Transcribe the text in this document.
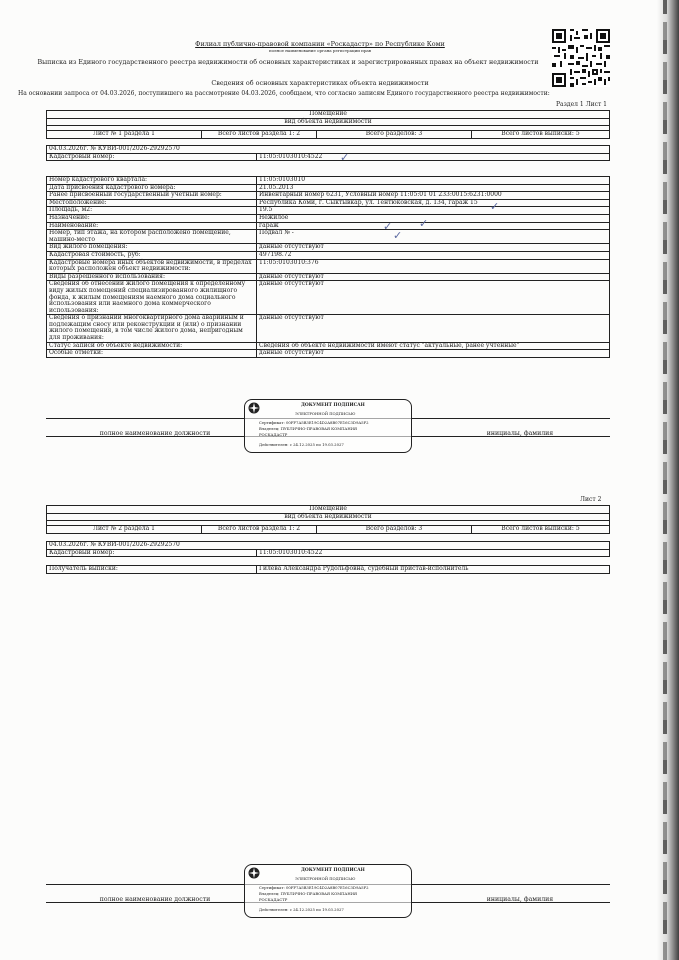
Филиал публично-правовой компании «Роскадастр» по Республике Коми
полное наименование органа регистрации прав
Выписка из Единого государственного реестра недвижимости об основных характеристиках и зарегистрированных правах на объект недвижимости
Сведения об основных характеристиках объекта недвижимости
На основании запроса от 04.03.2026, поступившего на рассмотрение 04.03.2026, сообщаем, что согласно записям Единого государственного реестра недвижимости:
Раздел 1 Лист 1
Помещение
вид объекта недвижимости

Лист № 1 раздела 1	Всего листов раздела 1: 2	Всего разделов: 3	Всего листов выписки: 5
04.03.2026г. № КУВИ-001/2026-29292570
Кадастровый номер:	11:05:0103010:4522 ✓
Номер кадастрового квартала:	11:05:0103010
Дата присвоения кадастрового номера:	21.05.2013
Ранее присвоенный государственный учетный номер:	Инвентарный номер 6231, Условный номер 11:05:01 01 233:0015:6231:0000
Местоположение:	Республика Коми, г. Сыктывкар, ул. Тентюковская, д. 134, гараж 15
Площадь, м2:	19.5
Назначение:	Нежилое
Наименование:	гараж
Номер, тип этажа, на котором расположено помещение, машино-место	Подвал № -
Вид жилого помещения:	данные отсутствуют
Кадастровая стоимость, руб:	497198.72
Кадастровые номера иных объектов недвижимости, в пределах которых расположен объект недвижимости:	11:05:0103010:376
Виды разрешенного использования:	данные отсутствуют
Сведения об отнесении жилого помещения к определенному виду жилых помещений специализированного жилищного фонда, к жилым помещениям наемного дома социального использования или наемного дома коммерческого использования:	данные отсутствуют
Сведения о признании многоквартирного дома аварийным и подлежащим сносу или реконструкции и (или) о признании жилого помещения, в том числе жилого дома, непригодным для проживания:	данные отсутствуют
Статус записи об объекте недвижимости:	Сведения об объекте недвижимости имеют статус "актуальные, ранее учтенные"
Особые отметки:	данные отсутствуют
✓
✓
✓
✓
полное наименование должности	инициалы, фамилия
ДОКУМЕНТ ПОДПИСАН
ЭЛЕКТРОННОЙ ПОДПИСЬЮ
Сертификат: 00FF7A5B3E19C4D2A8B07E16C3D9A5F2
Владелец: ПУБЛИЧНО-ПРАВОВАЯ КОМПАНИЯ
РОСКАДАСТР
Действителен: с 24.12.2025 по 19.03.2027
Лист 2
Помещение
вид объекта недвижимости

Лист № 2 раздела 1	Всего листов раздела 1: 2	Всего разделов: 3	Всего листов выписки: 5
04.03.2026г. № КУВИ-001/2026-29292570
Кадастровый номер:	11:05:0103010:4522
Получатель выписки:	Гилева Александра Рудольфовна, судебный пристав-исполнитель
полное наименование должности	инициалы, фамилия
ДОКУМЕНТ ПОДПИСАН
ЭЛЕКТРОННОЙ ПОДПИСЬЮ
Сертификат: 00FF7A5B3E19C4D2A8B07E16C3D9A5F2
Владелец: ПУБЛИЧНО-ПРАВОВАЯ КОМПАНИЯ
РОСКАДАСТР
Действителен: с 24.12.2025 по 19.03.2027
